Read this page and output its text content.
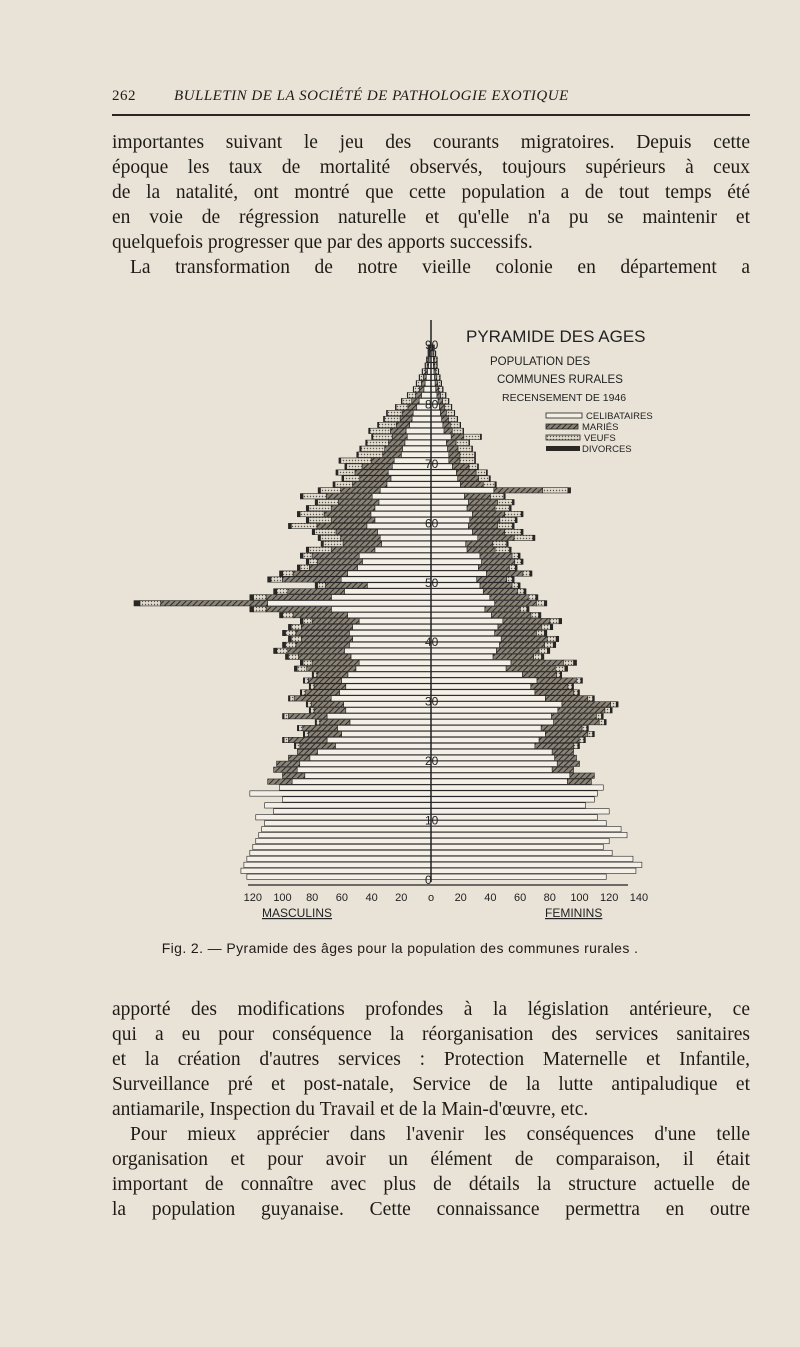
262	BULLETIN DE LA SOCIÉTÉ DE PATHOLOGIE EXOTIQUE
importantes suivant le jeu des courants migratoires. Depuis cette
époque les taux de mortalité observés, toujours supérieurs à ceux
de la natalité, ont montré que cette population a de tout temps été
en voie de régression naturelle et qu'elle n'a pu se maintenir et
quelquefois progresser que par des apports successifs.
La transformation de notre vieille colonie en département a
0
10
20
30
40
50
60
70
80
90
120 100 80 60 40 20 o 20 40 60 80 100 120 140
PYRAMIDE DES AGES
POPULATION DES
COMMUNES RURALES
RECENSEMENT DE 1946
CELIBATAIRES
MARIÉS
VEUFS
DIVORCES
MASCULINS	FEMININS
Fig. 2. — Pyramide des âges pour la population des communes rurales .
apporté des modifications profondes à la législation antérieure, ce
qui a eu pour conséquence la réorganisation des services sanitaires
et la création d'autres services : Protection Maternelle et Infantile,
Surveillance pré et post-natale, Service de la lutte antipaludique et
antiamarile, Inspection du Travail et de la Main-d'œuvre, etc.
Pour mieux apprécier dans l'avenir les conséquences d'une telle
organisation et pour avoir un élément de comparaison, il était
important de connaître avec plus de détails la structure actuelle de
la population guyanaise. Cette connaissance permettra en outre
